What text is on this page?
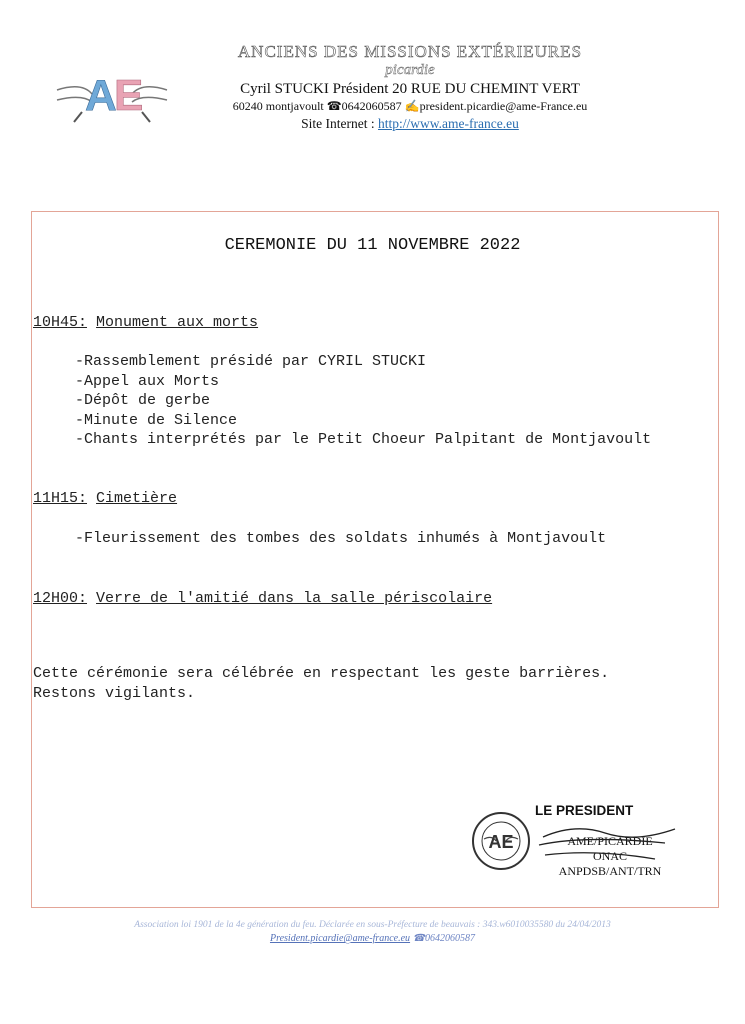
A
E
ANCIENS DES MISSIONS EXTÉRIEURES
picardie
Cyril STUCKI Président 20 RUE DU CHEMINT VERT
60240 montjavoult ☎0642060587 ✍president.picardie@ame-France.eu
Site Internet : http://www.ame-france.eu
CEREMONIE DU 11 NOVEMBRE 2022
10H45: Monument aux morts
-Rassemblement présidé par CYRIL STUCKI
-Appel aux Morts
-Dépôt de gerbe
-Minute de Silence
-Chants interprétés par le Petit Choeur Palpitant de Montjavoult
11H15: Cimetière
-Fleurissement des tombes des soldats inhumés à Montjavoult
12H00: Verre de l'amitié dans la salle périscolaire
Cette cérémonie sera célébrée en respectant les geste barrières.
Restons vigilants.
AE
LE PRESIDENT
AME/PICARDIE
ONAC
ANPDSB/ANT/TRN
Association loi 1901 de la 4e génération du feu. Déclarée en sous-Préfecture de beauvais : 343.w6010035580 du 24/04/2013
President.picardie@ame-france.eu ☎0642060587
